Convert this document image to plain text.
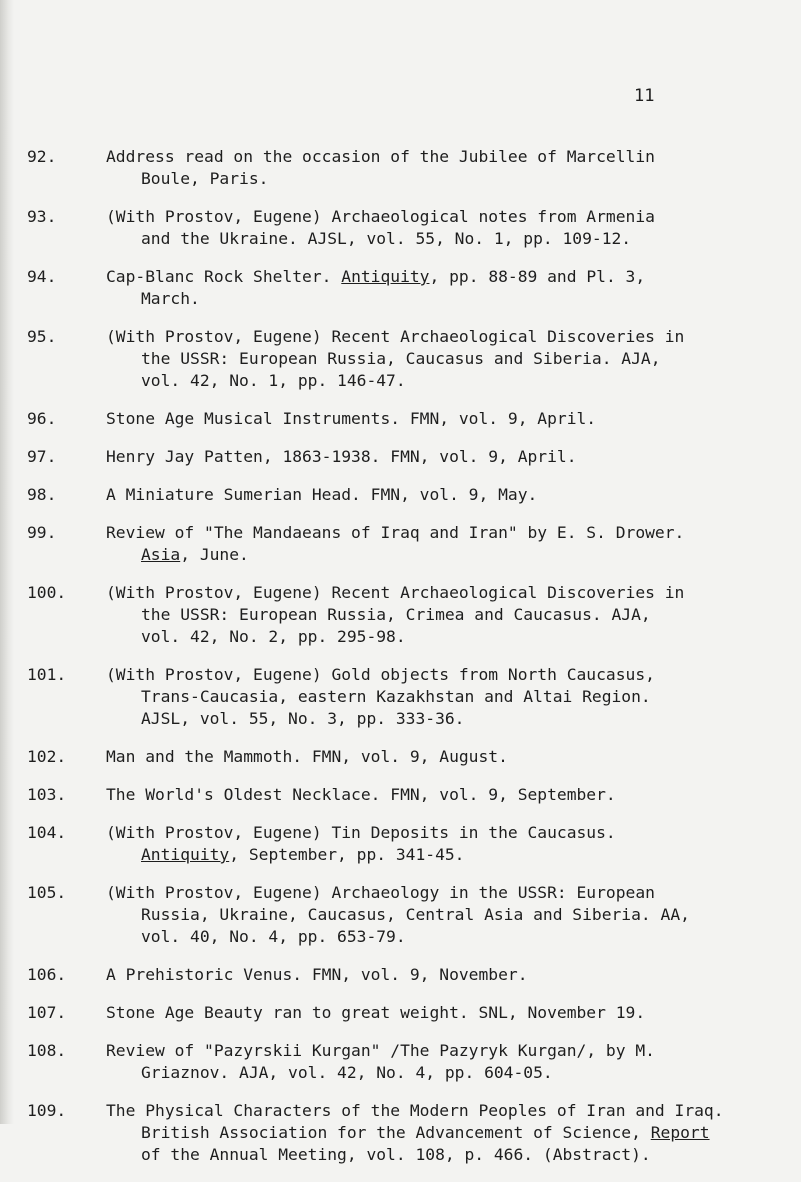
11
92.	Address read on the occasion of the Jubilee of Marcellin
Boule, Paris.
93.	(With Prostov, Eugene) Archaeological notes from Armenia
and the Ukraine. AJSL, vol. 55, No. 1, pp. 109-12.
94.	Cap-Blanc Rock Shelter. Antiquity, pp. 88-89 and Pl. 3,
March.
95.	(With Prostov, Eugene) Recent Archaeological Discoveries in
the USSR: European Russia, Caucasus and Siberia. AJA,
vol. 42, No. 1, pp. 146-47.
96.	Stone Age Musical Instruments. FMN, vol. 9, April.
97.	Henry Jay Patten, 1863-1938. FMN, vol. 9, April.
98.	A Miniature Sumerian Head. FMN, vol. 9, May.
99.	Review of "The Mandaeans of Iraq and Iran" by E. S. Drower.
Asia, June.
100.	(With Prostov, Eugene) Recent Archaeological Discoveries in
the USSR: European Russia, Crimea and Caucasus. AJA,
vol. 42, No. 2, pp. 295-98.
101.	(With Prostov, Eugene) Gold objects from North Caucasus,
Trans-Caucasia, eastern Kazakhstan and Altai Region.
AJSL, vol. 55, No. 3, pp. 333-36.
102.	Man and the Mammoth. FMN, vol. 9, August.
103.	The World's Oldest Necklace. FMN, vol. 9, September.
104.	(With Prostov, Eugene) Tin Deposits in the Caucasus.
Antiquity, September, pp. 341-45.
105.	(With Prostov, Eugene) Archaeology in the USSR: European
Russia, Ukraine, Caucasus, Central Asia and Siberia. AA,
vol. 40, No. 4, pp. 653-79.
106.	A Prehistoric Venus. FMN, vol. 9, November.
107.	Stone Age Beauty ran to great weight. SNL, November 19.
108.	Review of "Pazyrskii Kurgan" /The Pazyryk Kurgan/, by M.
Griaznov. AJA, vol. 42, No. 4, pp. 604-05.
109.	The Physical Characters of the Modern Peoples of Iran and Iraq.
British Association for the Advancement of Science, Report
of the Annual Meeting, vol. 108, p. 466. (Abstract).
